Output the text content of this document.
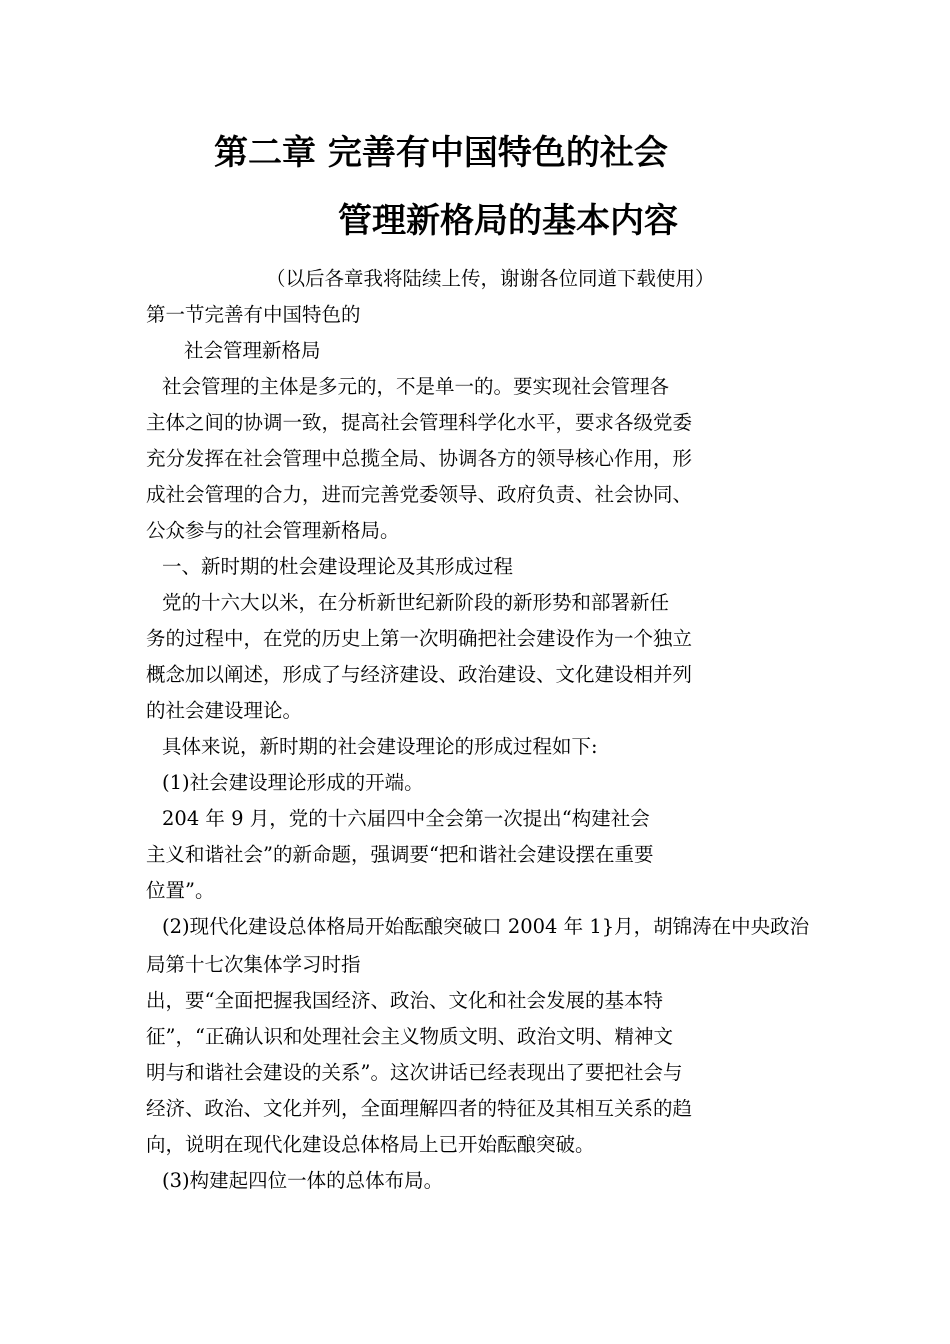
第二章 完善有中国特色的社会
管理新格局的基本内容
（以后各章我将陆续上传，谢谢各位同道下载使用）
第一节完善有中国特色的
社会管理新格局
社会管理的主体是多元的，不是单一的。要实现社会管理各
主体之间的协调一致，提高社会管理科学化水平，要求各级党委
充分发挥在社会管理中总揽全局、协调各方的领导核心作用，形
成社会管理的合力，进而完善党委领导、政府负责、社会协同、
公众参与的社会管理新格局。
一、新时期的杜会建设理论及其形成过程
党的十六大以米，在分析新世纪新阶段的新形势和部署新任
务的过程中，在党的历史上第一次明确把社会建设作为一个独立
概念加以阐述，形成了与经济建设、政治建设、文化建设相并列
的社会建设理论。
具体来说，新时期的社会建设理论的形成过程如下:
(1)社会建设理论形成的开端。
204 年 9 月，党的十六届四中全会第一次提出“构建社会
主义和谐社会”的新命题，强调要“把和谐社会建设摆在重要
位置”。
(2)现代化建设总体格局开始酝酿突破口 2004 年 1}月，胡锦涛在中央政治
局第十七次集体学习时指
出，要“全面把握我国经济、政治、文化和社会发展的基本特
征”，“正确认识和处理社会主义物质文明、政治文明、精神文
明与和谐社会建设的关系”。这次讲话已经表现出了要把社会与
经济、政治、文化并列，全面理解四者的特征及其相互关系的趋
向，说明在现代化建设总体格局上已开始酝酿突破。
(3)构建起四位一体的总体布局。
